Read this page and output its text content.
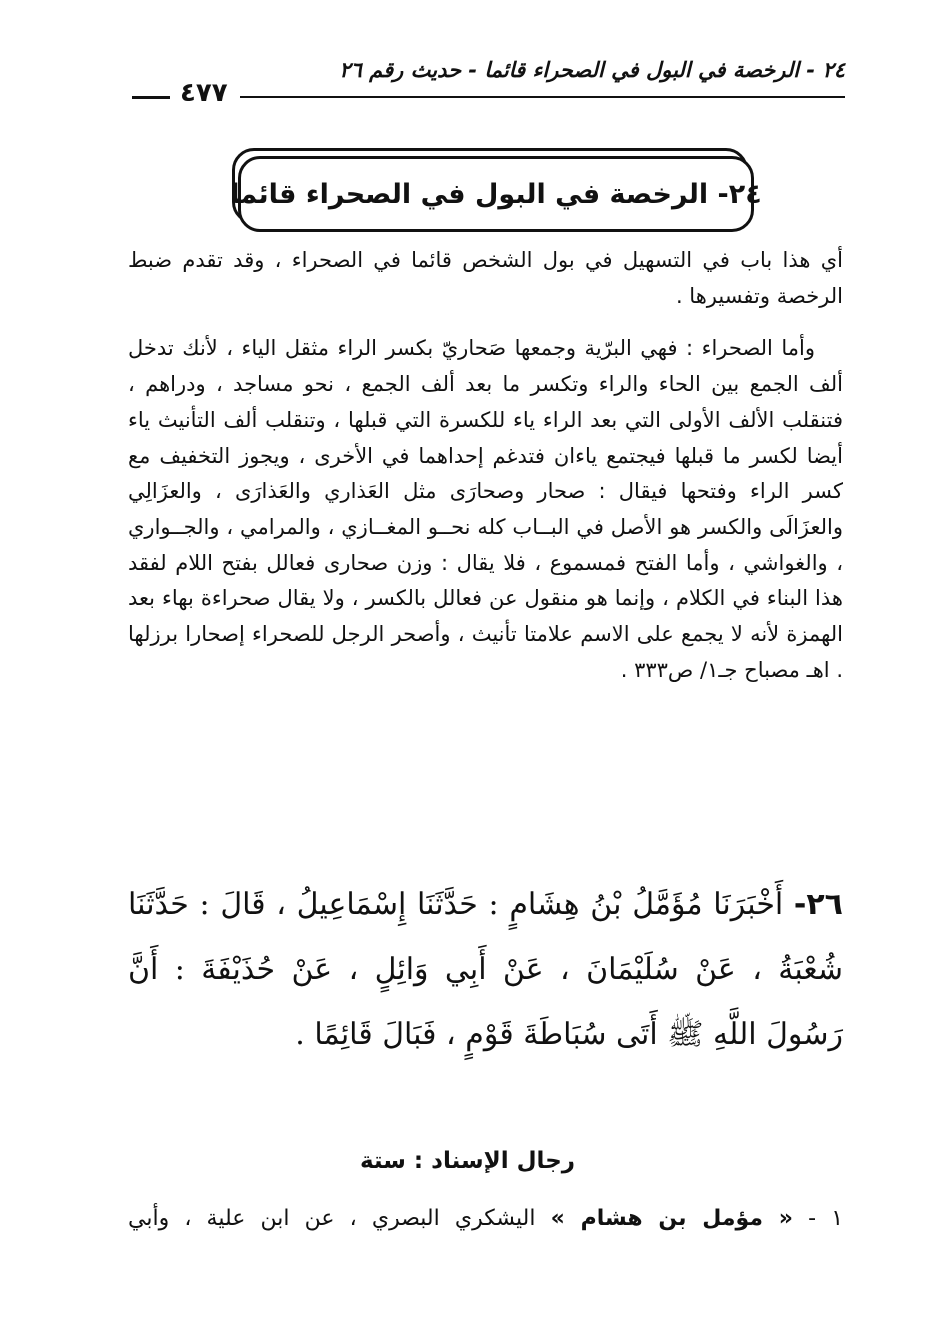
٢٤ - الرخصة في البول في الصحراء قائما - حديث رقم ٢٦
٤٧٧
٢٤- الرخصة في البول في الصحراء قائما

أي هذا باب في التسهيل في بول الشخص قائما في الصحراء ، وقد تقدم ضبط الرخصة وتفسيرها .

وأما الصحراء : فهي البرّية وجمعها صَحاريّ بكسر الراء مثقل الياء ، لأنك تدخل ألف الجمع بين الحاء والراء وتكسر ما بعد ألف الجمع ، نحو مساجد ، ودراهم ، فتنقلب الألف الأولى التي بعد الراء ياء للكسرة التي قبلها ، وتنقلب ألف التأنيث ياء أيضا لكسر ما قبلها فيجتمع ياءان فتدغم إحداهما في الأخرى ، ويجوز التخفيف مع كسر الراء وفتحها فيقال : صحار وصحارَى مثل العَذاري والعَذارَى ، والعزَالِي والعزَالَى والكسر هو الأصل في البــاب كله نحــو المغــازي ، والمرامي ، والجــواري ، والغواشي ، وأما الفتح فمسموع ، فلا يقال : وزن صحارى فعالل بفتح اللام لفقد هذا البناء في الكلام ، وإنما هو منقول عن فعالل بالكسر ، ولا يقال صحراءة بهاء بعد الهمزة لأنه لا يجمع على الاسم علامتا تأنيث ، وأصحر الرجل للصحراء إصحارا برزلها . اهـ مصباح جـ١/ ص٣٣٣ .

٢٦- أَخْبَرَنَا مُؤَمَّلُ بْنُ هِشَامٍ : حَدَّثَنَا إِسْمَاعِيلُ ، قَالَ : حَدَّثَنَا شُعْبَةُ ، عَنْ سُلَيْمَانَ ، عَنْ أَبِي وَائِلٍ ، عَنْ حُذَيْفَةَ : أَنَّ رَسُولَ اللَّهِ ﷺ أَتَى سُبَاطَةَ قَوْمٍ ، فَبَالَ قَائِمًا .
رجال الإسناد : ستة
١ - « مؤمل بن هشام » اليشكري البصري ، عن ابن علية ، وأبي
